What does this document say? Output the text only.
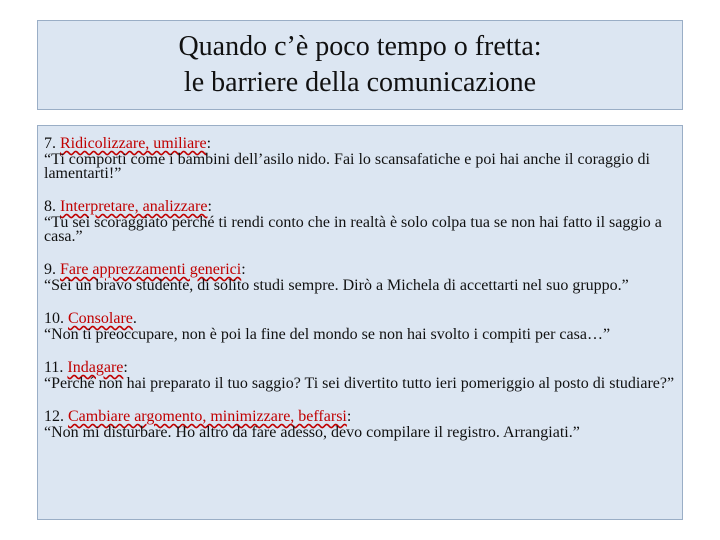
Quando c’è poco tempo o fretta:
le barriere della comunicazione
7. Ridicolizzare, umiliare:
“Ti comporti come i bambini dell’asilo nido. Fai lo scansafatiche e poi hai anche il coraggio di lamentarti!”
8. Interpretare, analizzare:
“Tu sei scoraggiato perché ti rendi conto che in realtà è solo colpa tua se non hai fatto il saggio a casa.”
9. Fare apprezzamenti generici:
“Sei un bravo studente, di solito studi sempre. Dirò a Michela di accettarti nel suo gruppo.”
10. Consolare.
“Non ti preoccupare, non è poi la fine del mondo se non hai svolto i compiti per casa…”
11. Indagare:
“Perché non hai preparato il tuo saggio? Ti sei divertito tutto ieri pomeriggio al posto di studiare?”
12. Cambiare argomento, minimizzare, beffarsi:
“Non mi disturbare. Ho altro da fare adesso, devo compilare il registro. Arrangiati.”
